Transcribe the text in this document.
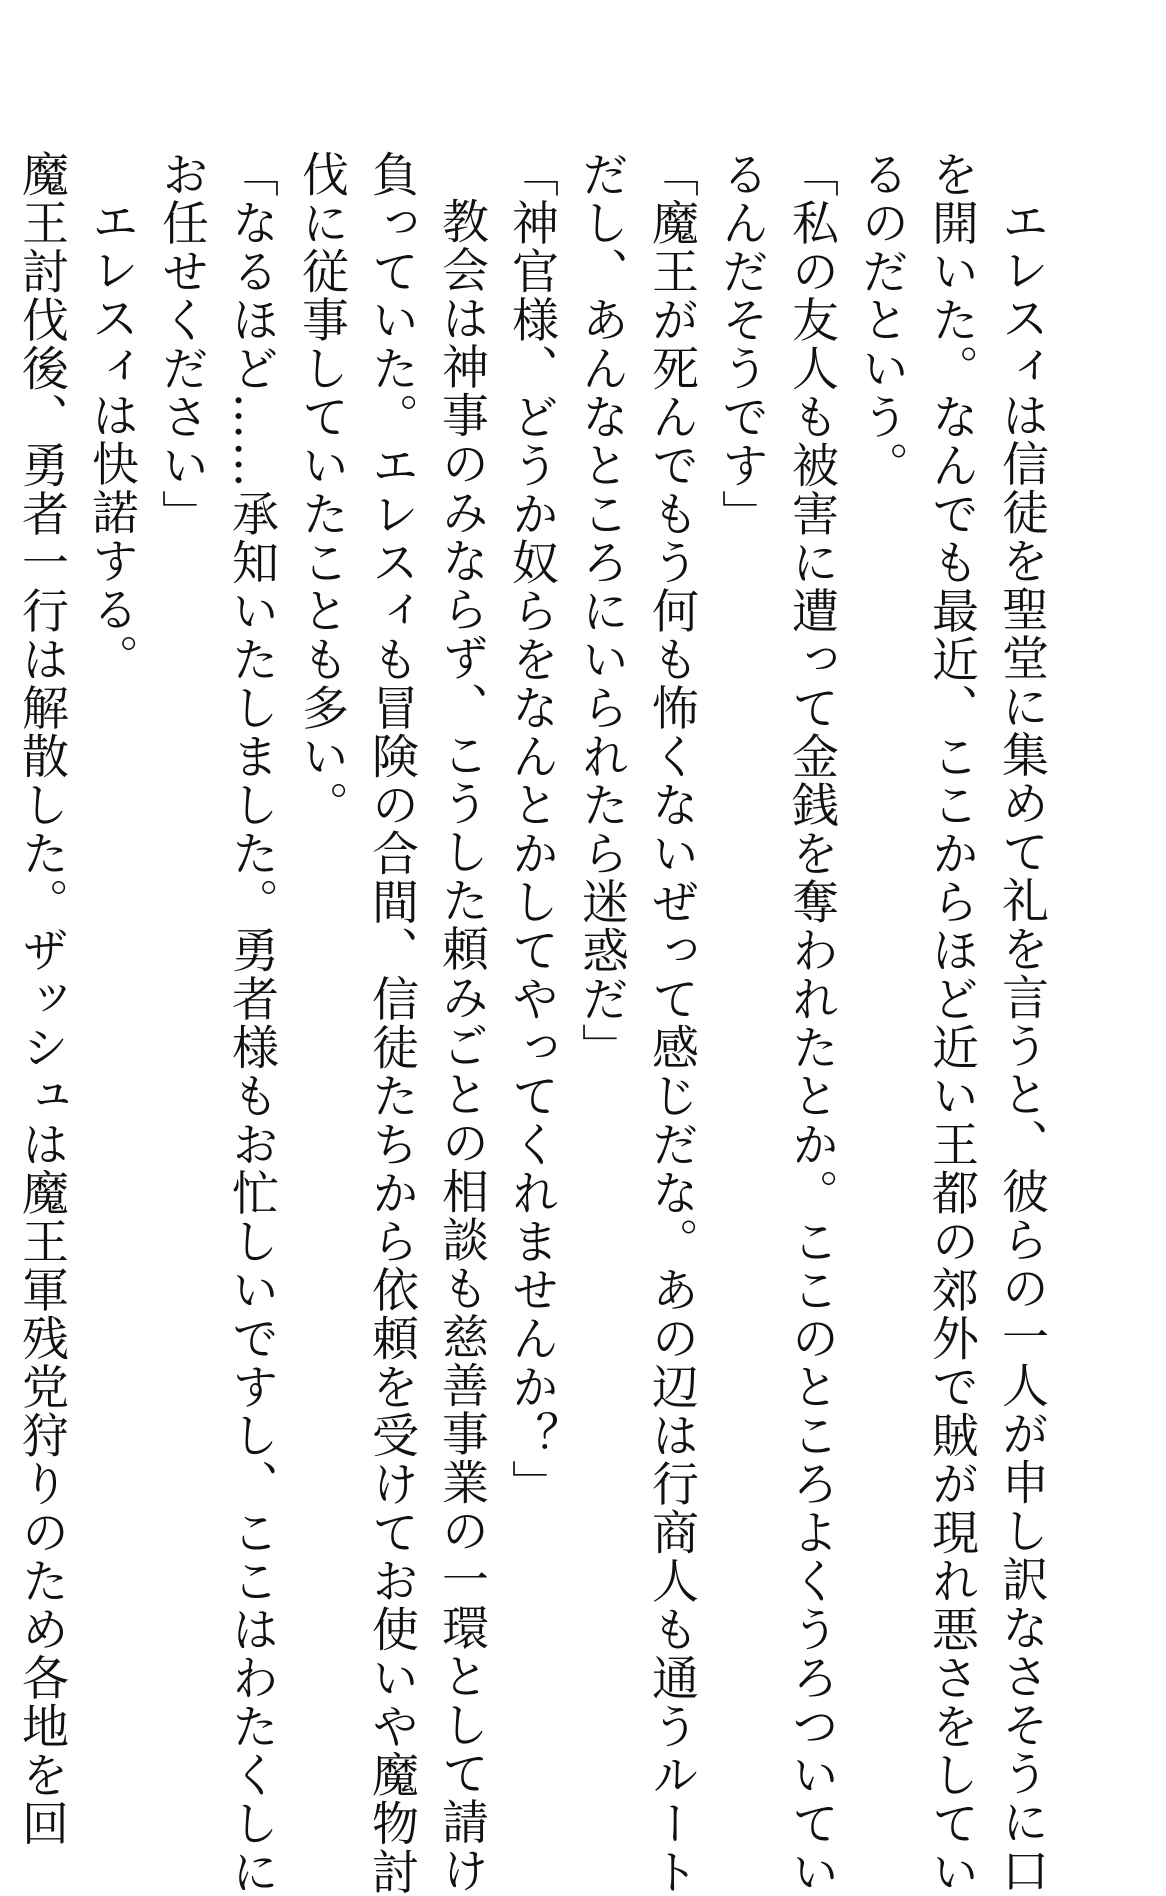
エレスィは信徒を聖堂に集めて礼を言うと、彼らの一人が申し訳なさそうに口
を開いた。なんでも最近、ここからほど近い王都の郊外で賊が現れ悪さをしてい
るのだという。
「私の友人も被害に遭って金銭を奪われたとか。ここのところよくうろついてい
るんだそうです」
「魔王が死んでもう何も怖くないぜって感じだな。あの辺は行商人も通うルート
だし、あんなところにいられたら迷惑だ」
「神官様、どうか奴らをなんとかしてやってくれませんか？」
教会は神事のみならず、こうした頼みごとの相談も慈善事業の一環として請け
負っていた。エレスィも冒険の合間、信徒たちから依頼を受けてお使いや魔物討
伐に従事していたことも多い。
「なるほど……承知いたしました。勇者様もお忙しいですし、ここはわたくしに
お任せください」
エレスィは快諾する。
魔王討伐後、勇者一行は解散した。ザッシュは魔王軍残党狩りのため各地を回
